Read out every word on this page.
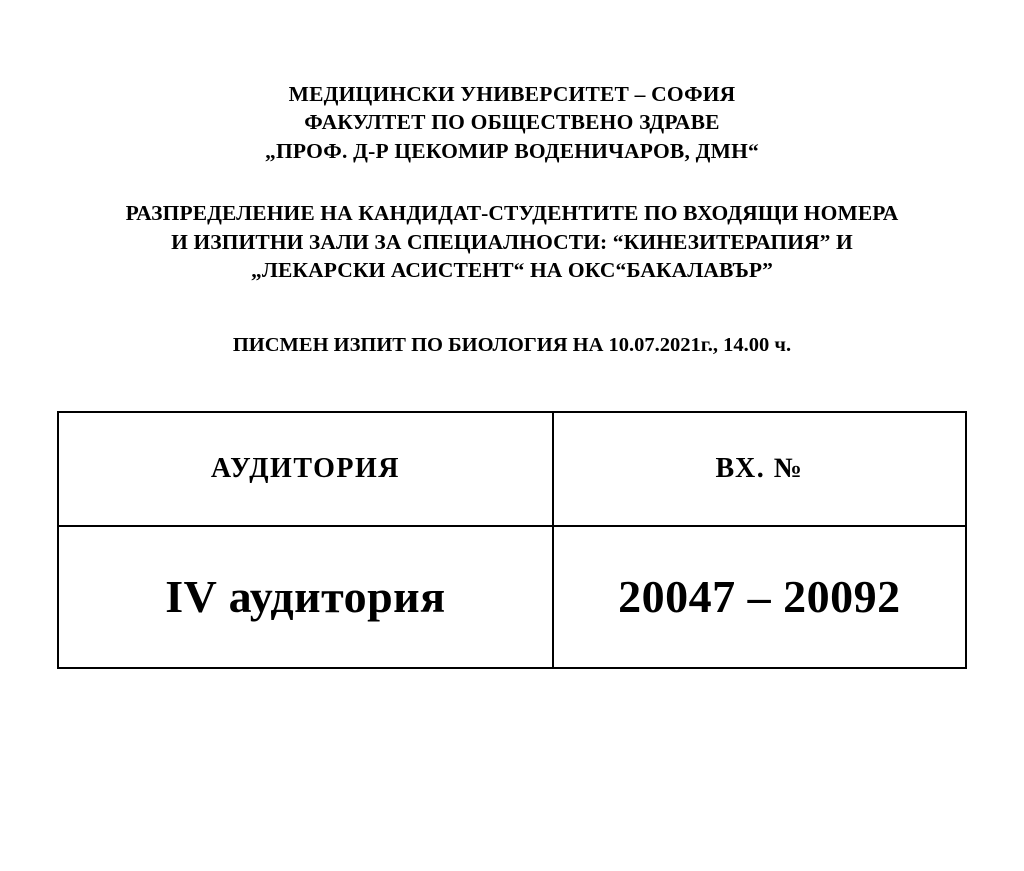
МЕДИЦИНСКИ УНИВЕРСИТЕТ – СОФИЯ
ФАКУЛТЕТ ПО ОБЩЕСТВЕНО ЗДРАВЕ
„ПРОФ. Д-Р ЦЕКОМИР ВОДЕНИЧАРОВ, ДМН“
РАЗПРЕДЕЛЕНИЕ НА КАНДИДАТ-СТУДЕНТИТЕ ПО ВХОДЯЩИ НОМЕРА
И ИЗПИТНИ ЗАЛИ ЗА СПЕЦИАЛНОСТИ: “КИНЕЗИТЕРАПИЯ” И
„ЛЕКАРСКИ АСИСТЕНТ“ НА ОКС“БАКАЛАВЪР”
ПИСМЕН ИЗПИТ ПО БИОЛОГИЯ НА 10.07.2021г., 14.00 ч.
АУДИТОРИЯ	ВХ. №
IV аудитория	20047 – 20092
